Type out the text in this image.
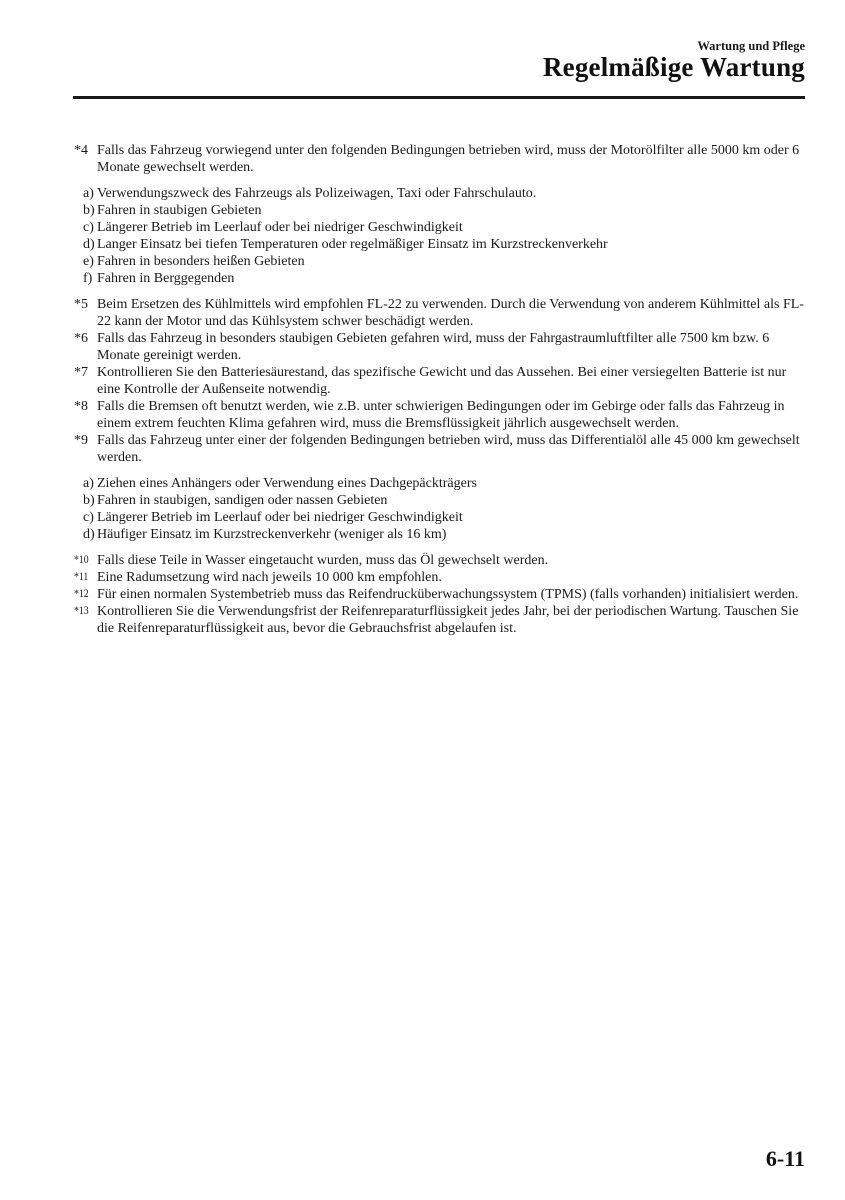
Wartung und Pflege
Regelmäßige Wartung
*4 Falls das Fahrzeug vorwiegend unter den folgenden Bedingungen betrieben wird, muss der Motorölfilter alle 5000 km oder 6 Monate gewechselt werden.
a) Verwendungszweck des Fahrzeugs als Polizeiwagen, Taxi oder Fahrschulauto.
b) Fahren in staubigen Gebieten
c) Längerer Betrieb im Leerlauf oder bei niedriger Geschwindigkeit
d) Langer Einsatz bei tiefen Temperaturen oder regelmäßiger Einsatz im Kurzstreckenverkehr
e) Fahren in besonders heißen Gebieten
f) Fahren in Berggegenden
*5 Beim Ersetzen des Kühlmittels wird empfohlen FL-22 zu verwenden. Durch die Verwendung von anderem Kühlmittel als FL-22 kann der Motor und das Kühlsystem schwer beschädigt werden.
*6 Falls das Fahrzeug in besonders staubigen Gebieten gefahren wird, muss der Fahrgastraumluftfilter alle 7500 km bzw. 6 Monate gereinigt werden.
*7 Kontrollieren Sie den Batteriesäurestand, das spezifische Gewicht und das Aussehen. Bei einer versiegelten Batterie ist nur eine Kontrolle der Außenseite notwendig.
*8 Falls die Bremsen oft benutzt werden, wie z.B. unter schwierigen Bedingungen oder im Gebirge oder falls das Fahrzeug in einem extrem feuchten Klima gefahren wird, muss die Bremsflüssigkeit jährlich ausgewechselt werden.
*9 Falls das Fahrzeug unter einer der folgenden Bedingungen betrieben wird, muss das Differentialöl alle 45 000 km gewechselt werden.
a) Ziehen eines Anhängers oder Verwendung eines Dachgepäckträgers
b) Fahren in staubigen, sandigen oder nassen Gebieten
c) Längerer Betrieb im Leerlauf oder bei niedriger Geschwindigkeit
d) Häufiger Einsatz im Kurzstreckenverkehr (weniger als 16 km)
*10 Falls diese Teile in Wasser eingetaucht wurden, muss das Öl gewechselt werden.
*11 Eine Radumsetzung wird nach jeweils 10 000 km empfohlen.
*12 Für einen normalen Systembetrieb muss das Reifendrucküberwachungssystem (TPMS) (falls vorhanden) initialisiert werden.
*13 Kontrollieren Sie die Verwendungsfrist der Reifenreparaturflüssigkeit jedes Jahr, bei der periodischen Wartung. Tauschen Sie die Reifenreparaturflüssigkeit aus, bevor die Gebrauchsfrist abgelaufen ist.
6-11
